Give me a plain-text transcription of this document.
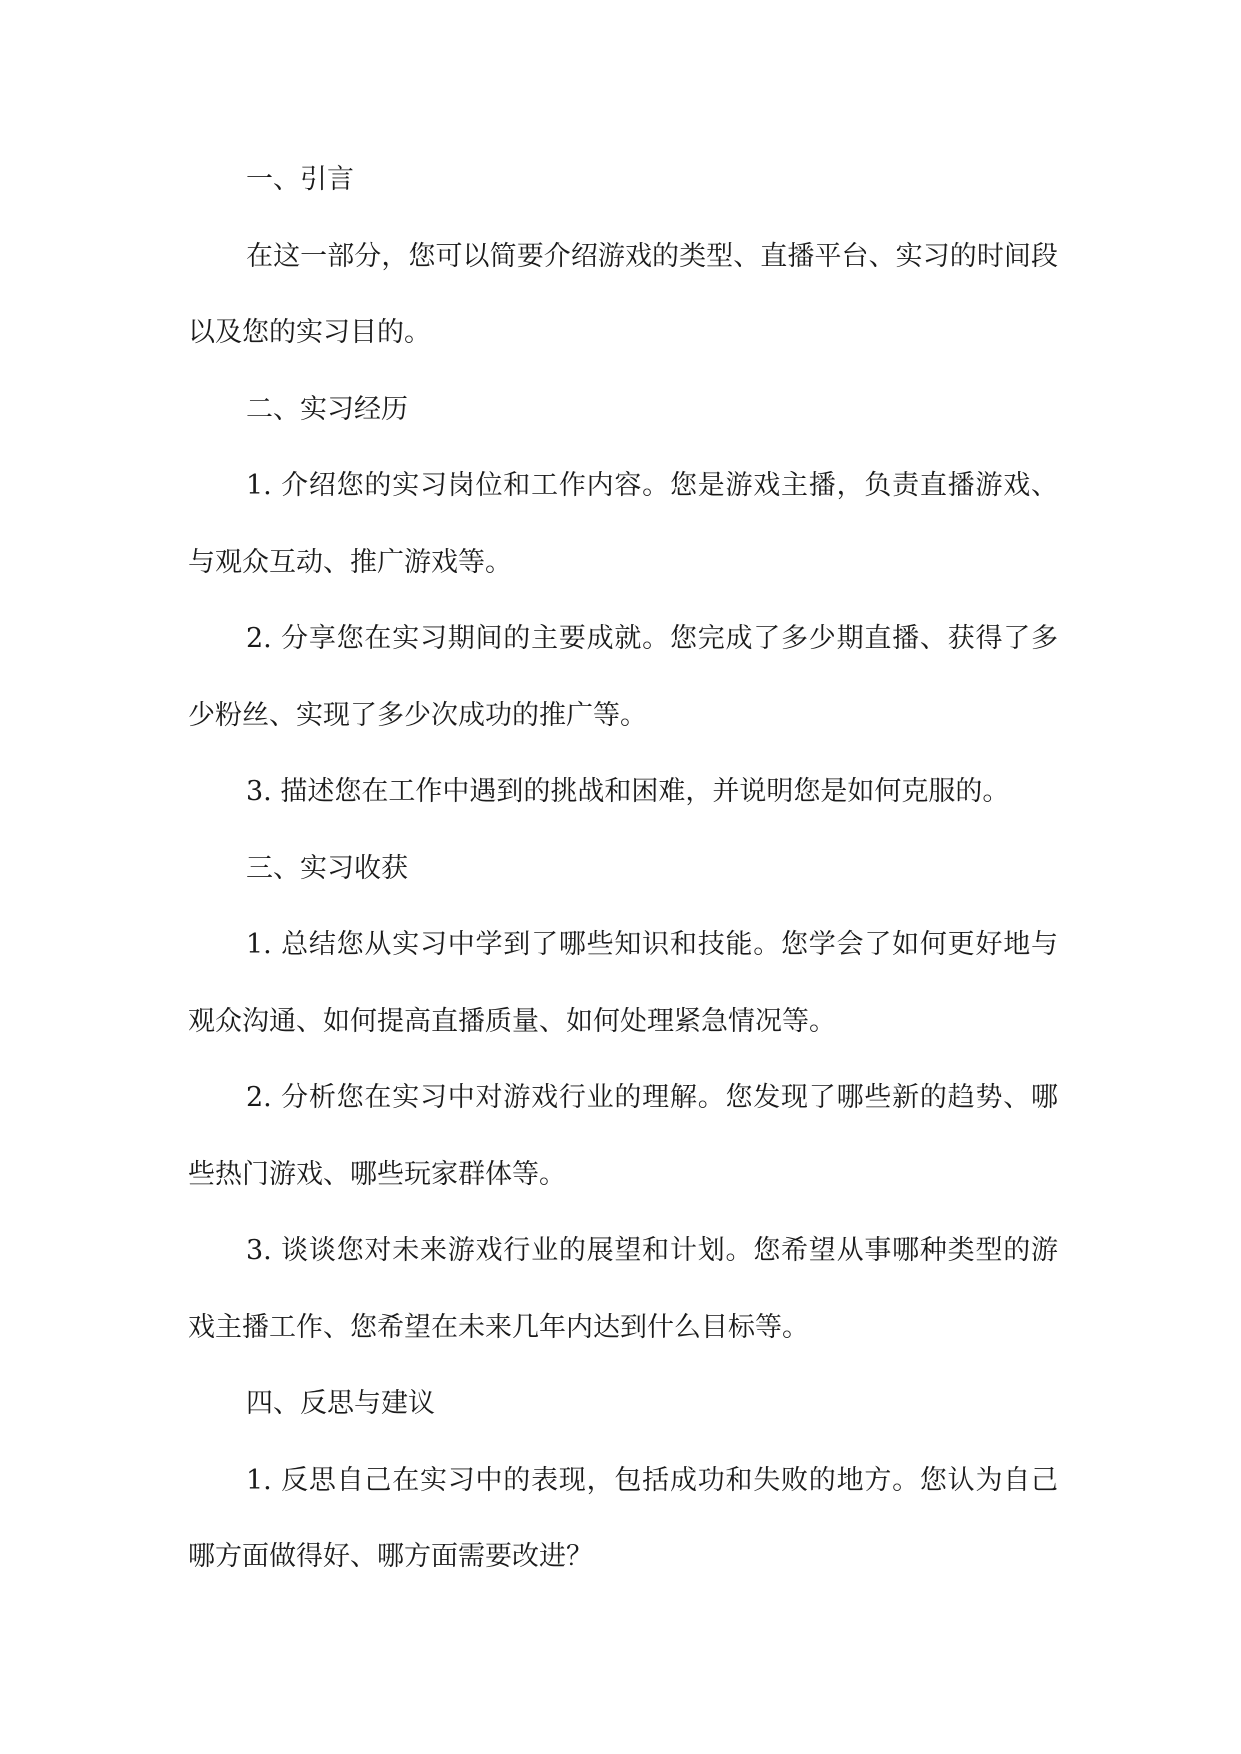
一、引言

在这一部分，您可以简要介绍游戏的类型、直播平台、实习的时间段以及您的实习目的。

二、实习经历

1. 介绍您的实习岗位和工作内容。您是游戏主播，负责直播游戏、与观众互动、推广游戏等。

2. 分享您在实习期间的主要成就。您完成了多少期直播、获得了多少粉丝、实现了多少次成功的推广等。

3. 描述您在工作中遇到的挑战和困难，并说明您是如何克服的。

三、实习收获

1. 总结您从实习中学到了哪些知识和技能。您学会了如何更好地与观众沟通、如何提高直播质量、如何处理紧急情况等。

2. 分析您在实习中对游戏行业的理解。您发现了哪些新的趋势、哪些热门游戏、哪些玩家群体等。

3. 谈谈您对未来游戏行业的展望和计划。您希望从事哪种类型的游戏主播工作、您希望在未来几年内达到什么目标等。

四、反思与建议

1. 反思自己在实习中的表现，包括成功和失败的地方。您认为自己哪方面做得好、哪方面需要改进？
